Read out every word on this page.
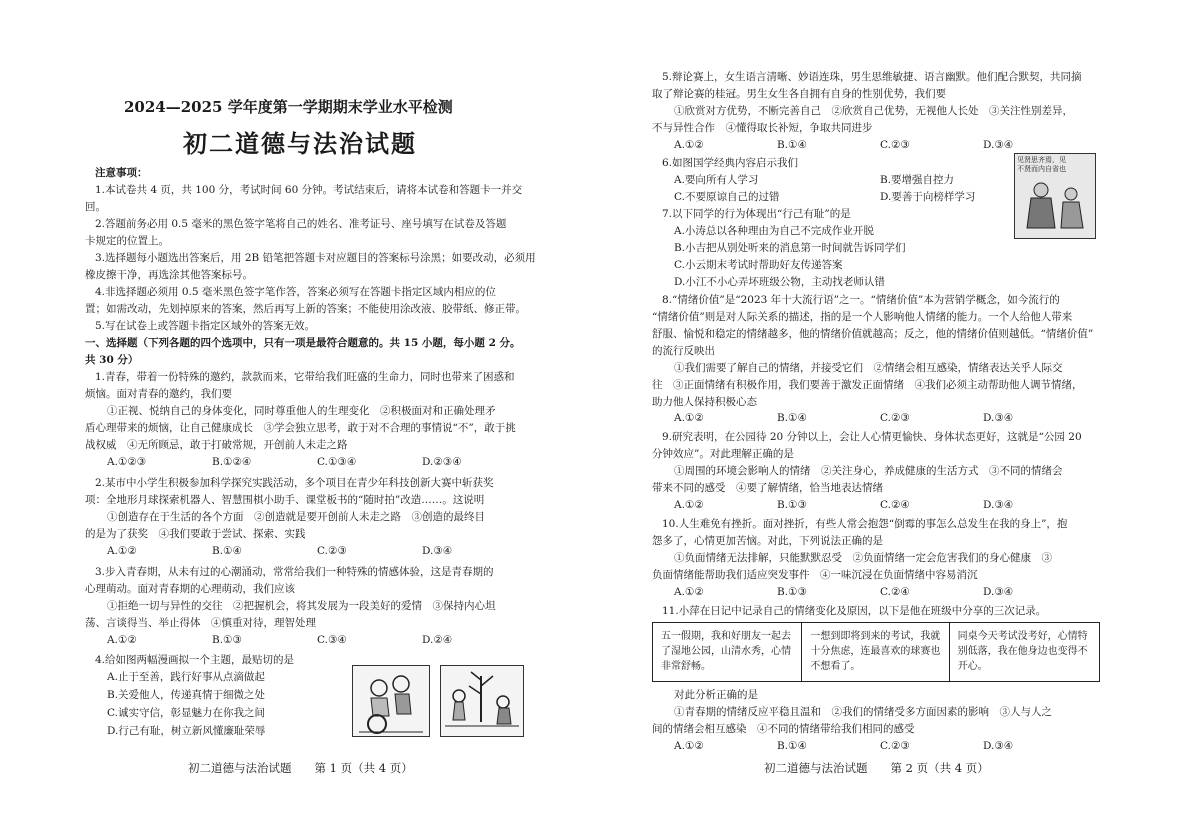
2024—2025 学年度第一学期期末学业水平检测
初二道德与法治试题
注意事项：
1.本试卷共 4 页，共 100 分，考试时间 60 分钟。考试结束后，请将本试卷和答题卡一并交
回。
2.答题前务必用 0.5 毫米的黑色签字笔将自己的姓名、准考证号、座号填写在试卷及答题
卡规定的位置上。
3.选择题每小题选出答案后，用 2B 铅笔把答题卡对应题目的答案标号涂黑；如要改动，必须用
橡皮擦干净，再选涂其他答案标号。
4.非选择题必须用 0.5 毫米黑色签字笔作答，答案必须写在答题卡指定区域内相应的位
置；如需改动，先划掉原来的答案，然后再写上新的答案；不能使用涂改液、胶带纸、修正带。
5.写在试卷上或答题卡指定区域外的答案无效。
一、选择题（下列各题的四个选项中，只有一项是最符合题意的。共 15 小题，每小题 2 分。
共 30 分）
1.青春，带着一份特殊的邀约，款款而来，它带给我们旺盛的生命力，同时也带来了困惑和
烦恼。面对青春的邀约，我们要
①正视、悦纳自己的身体变化，同时尊重他人的生理变化　②积极面对和正确处理矛
盾心理带来的烦恼，让自己健康成长　③学会独立思考，敢于对不合理的事情说“不”，敢于挑
战权威　④无所顾忌，敢于打破常规，开创前人未走之路
A.①②③	B.①②④	C.①③④	D.②③④
2.某市中小学生积极参加科学探究实践活动，多个项目在青少年科技创新大赛中斩获奖
项：全地形月球探索机器人、智慧围棋小助手、课堂板书的“随时拍”改造……。这说明
①创造存在于生活的各个方面　②创造就是要开创前人未走之路　③创造的最终目
的是为了获奖　④我们要敢于尝试、探索、实践
A.①②	B.①④	C.②③	D.③④
3.步入青春期，从未有过的心潮涌动，常常给我们一种特殊的情感体验，这是青春期的
心理萌动。面对青春期的心理萌动，我们应该
①拒绝一切与异性的交往　②把握机会，将其发展为一段美好的爱情　③保持内心坦
荡、言谈得当、举止得体　④慎重对待，理智处理
A.①②	B.①③	C.③④	D.②④
4.给如图两幅漫画拟一个主题，最贴切的是
A.止于至善，践行好事从点滴做起
B.关爱他人，传递真情于细微之处
C.诚实守信，彰显魅力在你我之间
D.行己有耻，树立新风懂廉耻荣辱
初二道德与法治试题　　第 1 页（共 4 页）
5.辩论赛上，女生语言清晰、妙语连珠，男生思维敏捷、语言幽默。他们配合默契，共同摘
取了辩论赛的桂冠。男生女生各自拥有自身的性别优势，我们要
①欣赏对方优势，不断完善自己　②欣赏自己优势，无视他人长处　③关注性别差异，
不与异性合作　④懂得取长补短，争取共同进步
A.①②	B.①④	C.②③	D.③④
6.如图国学经典内容启示我们
A.要向所有人学习	B.要增强自控力
C.不要原谅自己的过错	D.要善于向榜样学习
见贤思齐焉，见不贤而内自省也
7.以下同学的行为体现出“行己有耻”的是
A.小涛总以各种理由为自己不完成作业开脱
B.小吉把从别处听来的消息第一时间就告诉同学们
C.小云期末考试时帮助好友传递答案
D.小江不小心弄坏班级公物，主动找老师认错
8.“情绪价值”是“2023 年十大流行语”之一。“情绪价值”本为营销学概念，如今流行的
“情绪价值”则是对人际关系的描述，指的是一个人影响他人情绪的能力。一个人给他人带来
舒服、愉悦和稳定的情绪越多，他的情绪价值就越高；反之，他的情绪价值则越低。“情绪价值”
的流行反映出
①我们需要了解自己的情绪，并接受它们　②情绪会相互感染，情绪表达关乎人际交
往　③正面情绪有积极作用，我们要善于激发正面情绪　④我们必须主动帮助他人调节情绪，
助力他人保持积极心态
A.①②	B.①④	C.②③	D.③④
9.研究表明，在公园待 20 分钟以上，会让人心情更愉快、身体状态更好，这就是“公园 20
分钟效应”。对此理解正确的是
①周围的环境会影响人的情绪　②关注身心，养成健康的生活方式　③不同的情绪会
带来不同的感受　④要了解情绪，恰当地表达情绪
A.①②	B.①③	C.②④	D.③④
10.人生难免有挫折。面对挫折，有些人常会抱怨“倒霉的事怎么总发生在我的身上”，抱
怨多了，心情更加苦恼。对此，下列说法正确的是
①负面情绪无法排解，只能默默忍受　②负面情绪一定会危害我们的身心健康　③
负面情绪能帮助我们适应突发事件　④一味沉浸在负面情绪中容易消沉
A.①②	B.①③	C.②④	D.③④
11.小萍在日记中记录自己的情绪变化及原因，以下是他在班级中分享的三次记录。
五一假期，我和好朋友一起去了湿地公园，山清水秀，心情非常舒畅。
一想到即将到来的考试，我就十分焦虑，连最喜欢的球赛也不想看了。
同桌今天考试没考好，心情特别低落，我在他身边也变得不开心。
对此分析正确的是
①青春期的情绪反应平稳且温和　②我们的情绪受多方面因素的影响　③人与人之
间的情绪会相互感染　④不同的情绪带给我们相同的感受
A.①②	B.①④	C.②③	D.③④
初二道德与法治试题　　第 2 页（共 4 页）
